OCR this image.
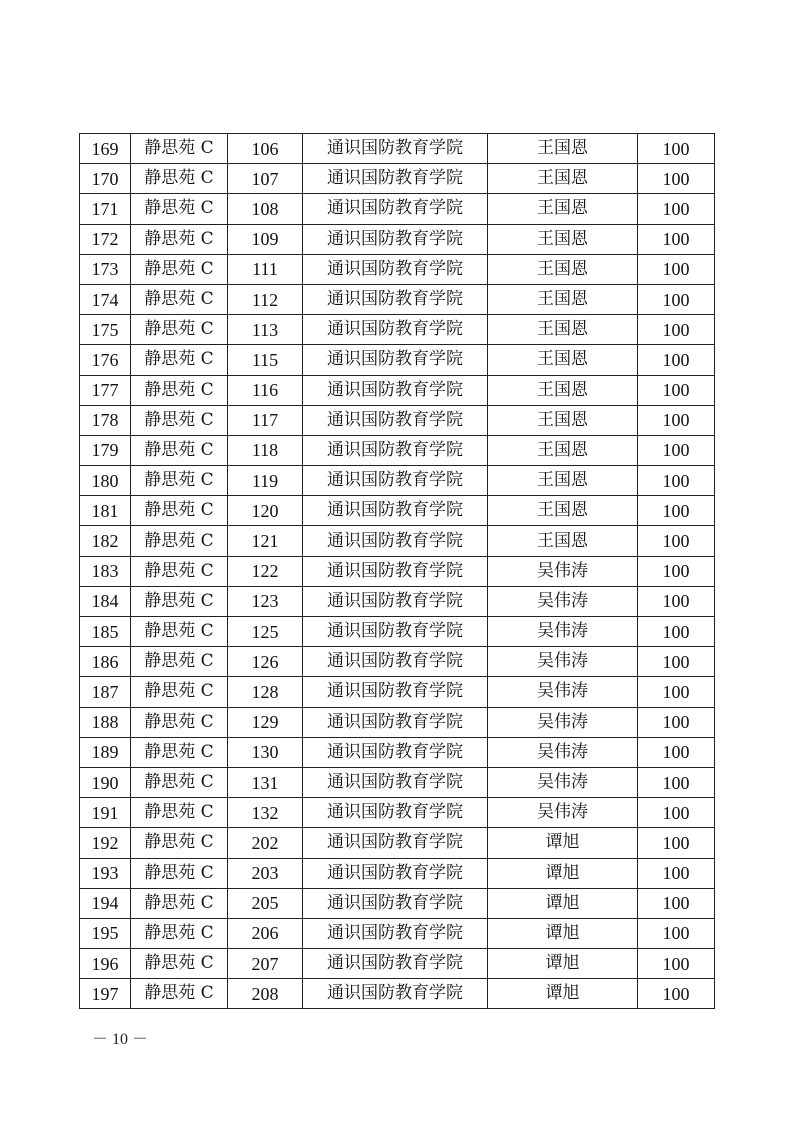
169	静思苑 C	106	通识国防教育学院	王国恩	100
170	静思苑 C	107	通识国防教育学院	王国恩	100
171	静思苑 C	108	通识国防教育学院	王国恩	100
172	静思苑 C	109	通识国防教育学院	王国恩	100
173	静思苑 C	111	通识国防教育学院	王国恩	100
174	静思苑 C	112	通识国防教育学院	王国恩	100
175	静思苑 C	113	通识国防教育学院	王国恩	100
176	静思苑 C	115	通识国防教育学院	王国恩	100
177	静思苑 C	116	通识国防教育学院	王国恩	100
178	静思苑 C	117	通识国防教育学院	王国恩	100
179	静思苑 C	118	通识国防教育学院	王国恩	100
180	静思苑 C	119	通识国防教育学院	王国恩	100
181	静思苑 C	120	通识国防教育学院	王国恩	100
182	静思苑 C	121	通识国防教育学院	王国恩	100
183	静思苑 C	122	通识国防教育学院	吴伟涛	100
184	静思苑 C	123	通识国防教育学院	吴伟涛	100
185	静思苑 C	125	通识国防教育学院	吴伟涛	100
186	静思苑 C	126	通识国防教育学院	吴伟涛	100
187	静思苑 C	128	通识国防教育学院	吴伟涛	100
188	静思苑 C	129	通识国防教育学院	吴伟涛	100
189	静思苑 C	130	通识国防教育学院	吴伟涛	100
190	静思苑 C	131	通识国防教育学院	吴伟涛	100
191	静思苑 C	132	通识国防教育学院	吴伟涛	100
192	静思苑 C	202	通识国防教育学院	谭旭	100
193	静思苑 C	203	通识国防教育学院	谭旭	100
194	静思苑 C	205	通识国防教育学院	谭旭	100
195	静思苑 C	206	通识国防教育学院	谭旭	100
196	静思苑 C	207	通识国防教育学院	谭旭	100
197	静思苑 C	208	通识国防教育学院	谭旭	100
－ 10 －
